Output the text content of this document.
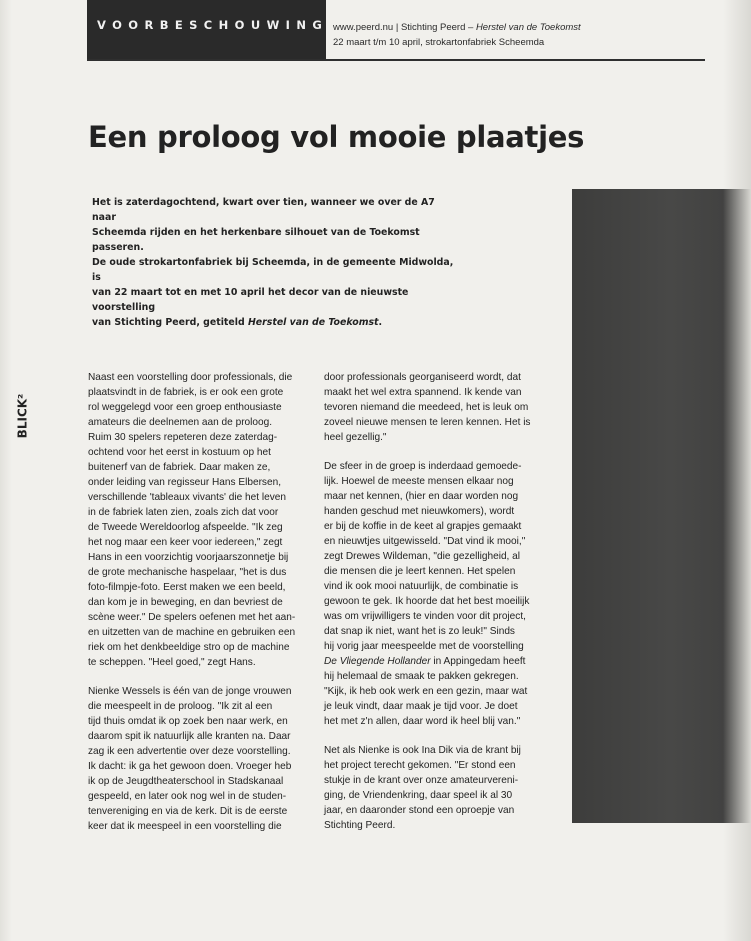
VOORBESCHOUWING www.peerd.nu | Stichting Peerd – Herstel van de Toekomst
22 maart t/m 10 april, strokartonfabriek Scheemda
Een proloog vol mooie plaatjes

Het is zaterdagochtend, kwart over tien, wanneer we over de A7 naar
Scheemda rijden en het herkenbare silhouet van de Toekomst passeren.
De oude strokartonfabriek bij Scheemda, in de gemeente Midwolda, is
van 22 maart tot en met 10 april het decor van de nieuwste voorstelling
van Stichting Peerd, getiteld Herstel van de Toekomst.

BLICK²

Naast een voorstelling door professionals, die
plaatsvindt in de fabriek, is er ook een grote
rol weggelegd voor een groep enthousiaste
amateurs die deelnemen aan de proloog.
Ruim 30 spelers repeteren deze zaterdag-
ochtend voor het eerst in kostuum op het
buitenerf van de fabriek. Daar maken ze,
onder leiding van regisseur Hans Elbersen,
verschillende 'tableaux vivants' die het leven
in de fabriek laten zien, zoals zich dat voor
de Tweede Wereldoorlog afspeelde. "Ik zeg
het nog maar een keer voor iedereen," zegt
Hans in een voorzichtig voorjaarszonnetje bij
de grote mechanische haspelaar, "het is dus
foto-filmpje-foto. Eerst maken we een beeld,
dan kom je in beweging, en dan bevriest de
scène weer." De spelers oefenen met het aan-
en uitzetten van de machine en gebruiken een
riek om het denkbeeldige stro op de machine
te scheppen. "Heel goed," zegt Hans.

Nienke Wessels is één van de jonge vrouwen
die meespeelt in de proloog. "Ik zit al een
tijd thuis omdat ik op zoek ben naar werk, en
daarom spit ik natuurlijk alle kranten na. Daar
zag ik een advertentie over deze voorstelling.
Ik dacht: ik ga het gewoon doen. Vroeger heb
ik op de Jeugdtheaterschool in Stadskanaal
gespeeld, en later ook nog wel in de studen-
tenvereniging en via de kerk. Dit is de eerste
keer dat ik meespeel in een voorstelling die

door professionals georganiseerd wordt, dat
maakt het wel extra spannend. Ik kende van
tevoren niemand die meedeed, het is leuk om
zoveel nieuwe mensen te leren kennen. Het is
heel gezellig."

De sfeer in de groep is inderdaad gemoede-
lijk. Hoewel de meeste mensen elkaar nog
maar net kennen, (hier en daar worden nog
handen geschud met nieuwkomers), wordt
er bij de koffie in de keet al grapjes gemaakt
en nieuwtjes uitgewisseld. "Dat vind ik mooi,"
zegt Drewes Wildeman, "die gezelligheid, al
die mensen die je leert kennen. Het spelen
vind ik ook mooi natuurlijk, de combinatie is
gewoon te gek. Ik hoorde dat het best moeilijk
was om vrijwilligers te vinden voor dit project,
dat snap ik niet, want het is zo leuk!" Sinds
hij vorig jaar meespeelde met de voorstelling
De Vliegende Hollander in Appingedam heeft
hij helemaal de smaak te pakken gekregen.
"Kijk, ik heb ook werk en een gezin, maar wat
je leuk vindt, daar maak je tijd voor. Je doet
het met z'n allen, daar word ik heel blij van."

Net als Nienke is ook Ina Dik via de krant bij
het project terecht gekomen. "Er stond een
stukje in de krant over onze amateurvereni-
ging, de Vriendenkring, daar speel ik al 30
jaar, en daaronder stond een oproepje van
Stichting Peerd.
